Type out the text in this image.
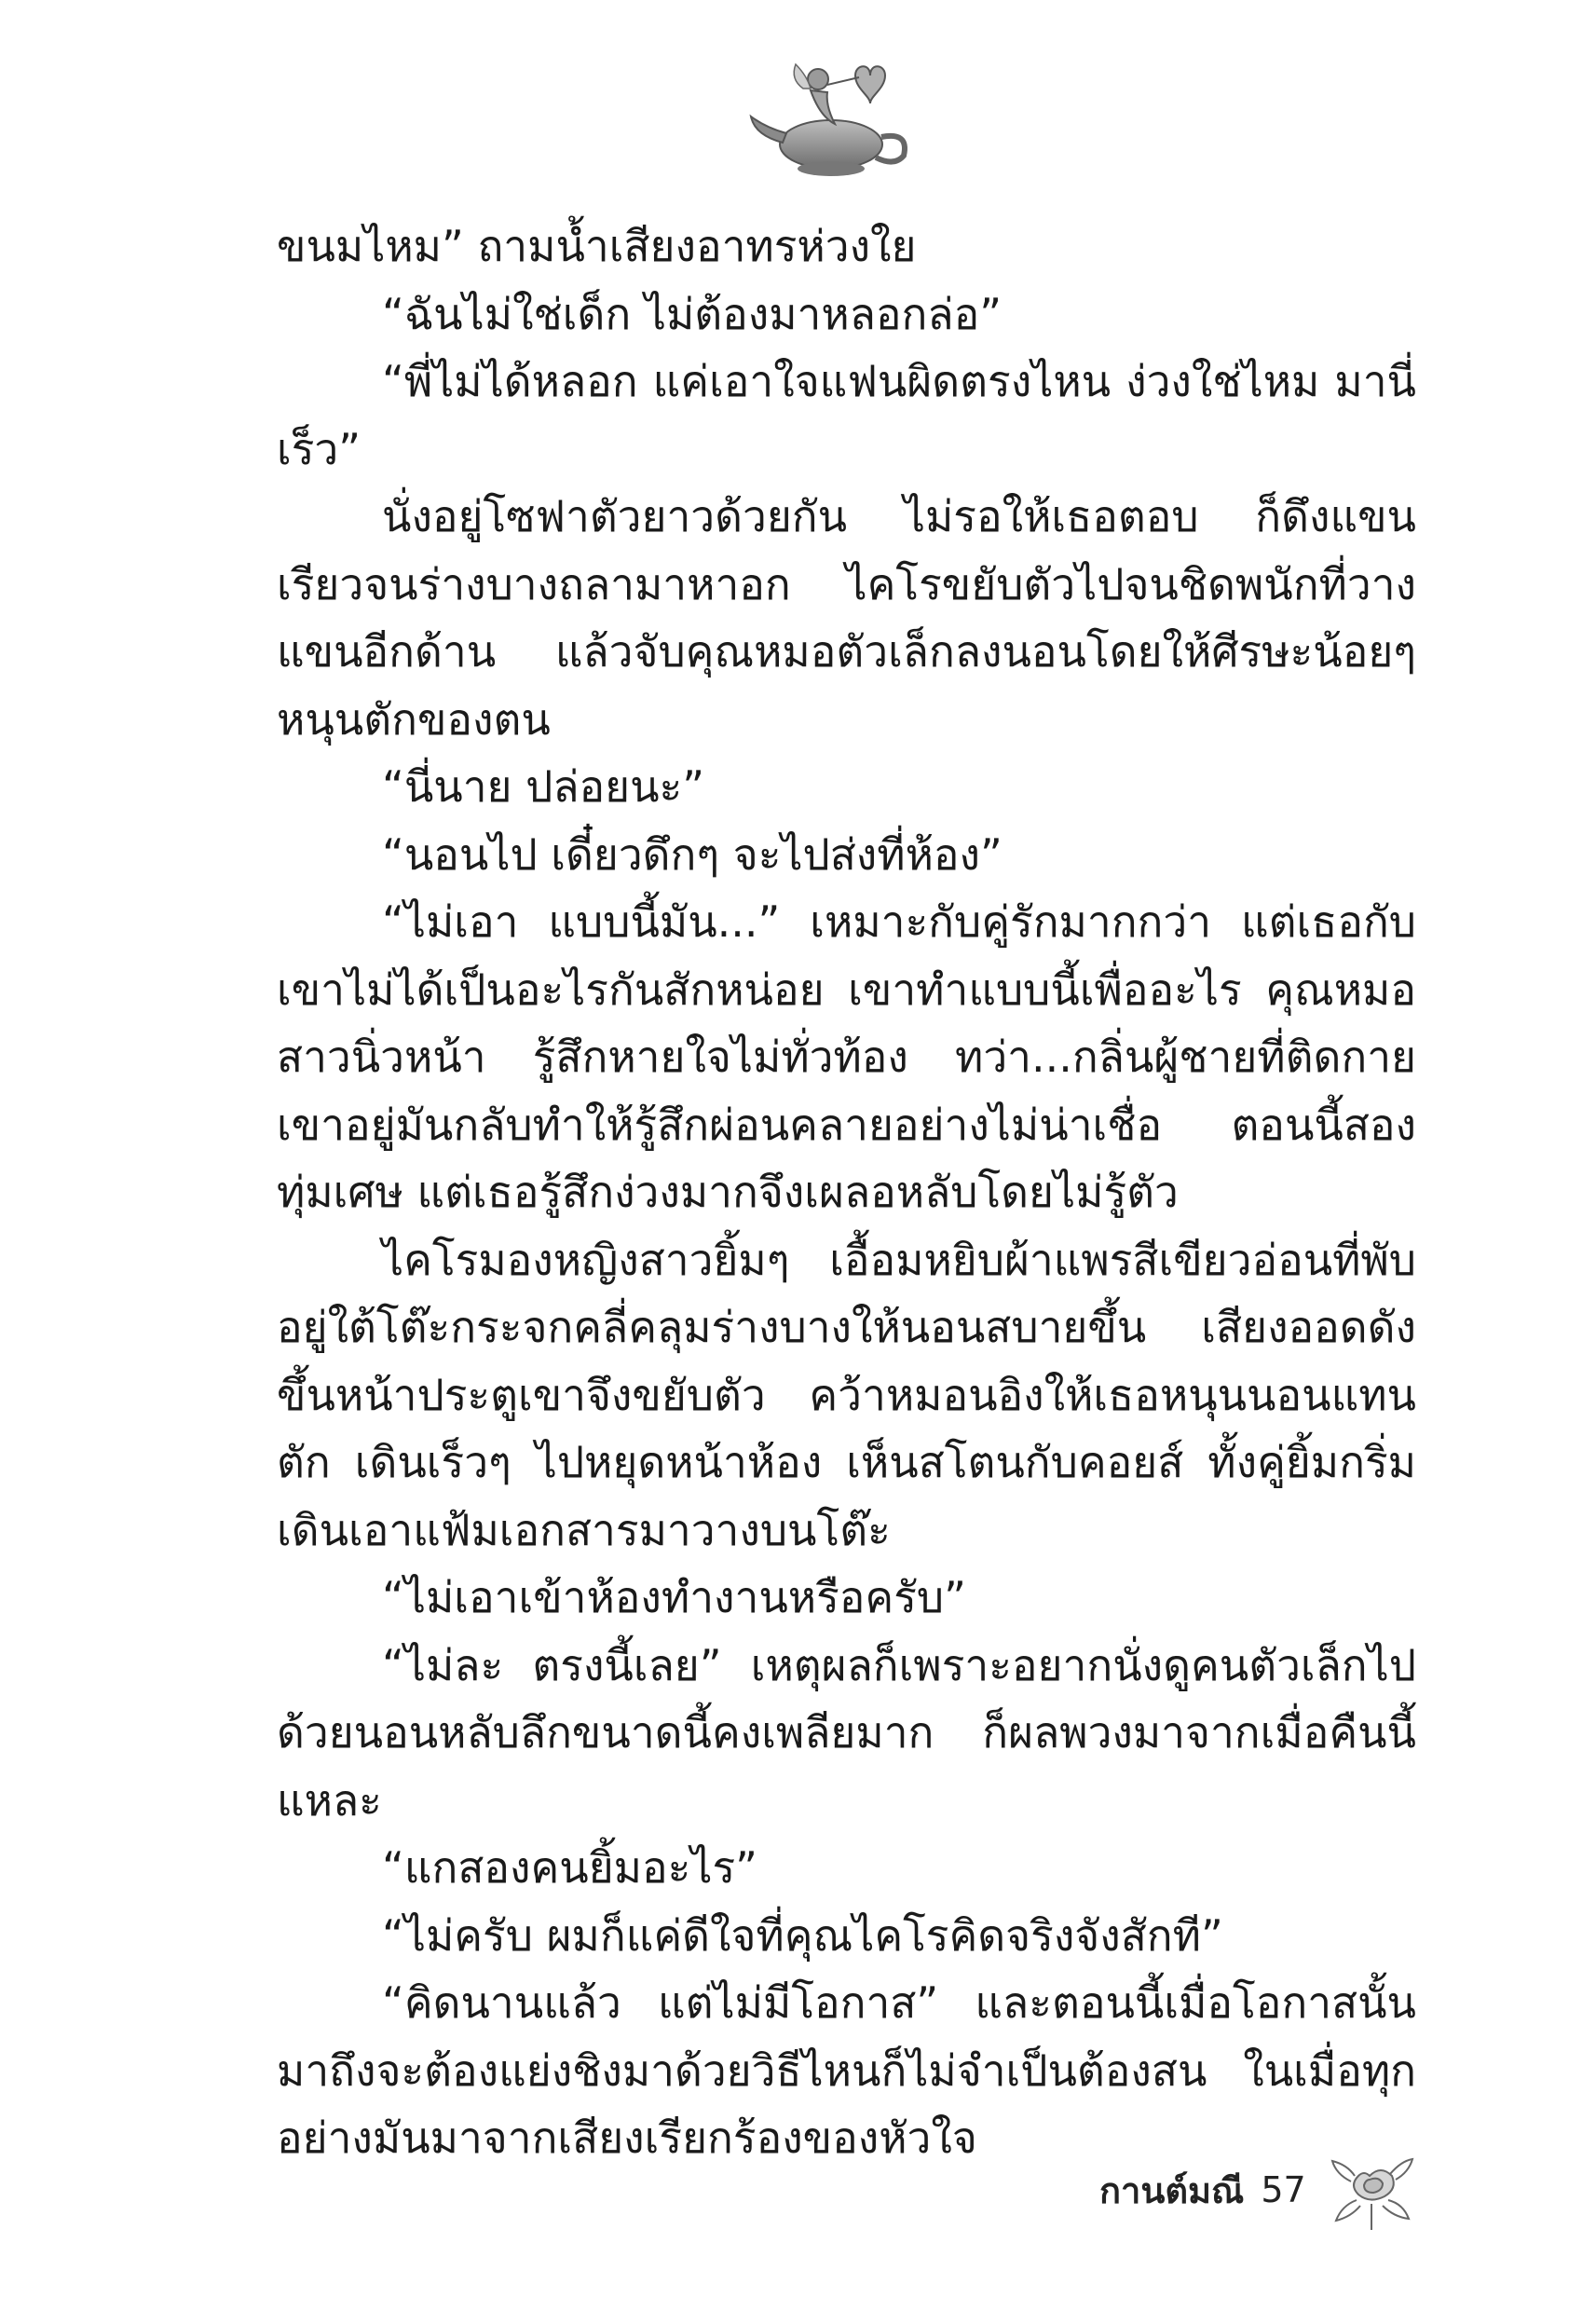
ขนมไหม” ถามน้ำเสียงอาทรห่วงใย

“ฉันไม่ใช่เด็ก ไม่ต้องมาหลอกล่อ”

“พี่ไม่ได้หลอก แค่เอาใจแฟนผิดตรงไหน ง่วงใช่ไหม มานี่เร็ว”

นั่งอยู่โซฟาตัวยาวด้วยกัน ไม่รอให้เธอตอบ ก็ดึงแขนเรียวจนร่างบางถลามาหาอก ไคโรขยับตัวไปจนชิดพนักที่วางแขนอีกด้าน แล้วจับคุณหมอตัวเล็กลงนอนโดยให้ศีรษะน้อยๆ หนุนตักของตน

“นี่นาย ปล่อยนะ”

“นอนไป เดี๋ยวดึกๆ จะไปส่งที่ห้อง”

“ไม่เอา แบบนี้มัน...” เหมาะกับคู่รักมากกว่า แต่เธอกับเขาไม่ได้เป็นอะไรกันสักหน่อย เขาทำแบบนี้เพื่ออะไร คุณหมอสาวนิ่วหน้า รู้สึกหายใจไม่ทั่วท้อง ทว่า...กลิ่นผู้ชายที่ติดกายเขาอยู่มันกลับทำให้รู้สึกผ่อนคลายอย่างไม่น่าเชื่อ ตอนนี้สองทุ่มเศษ แต่เธอรู้สึกง่วงมากจึงเผลอหลับโดยไม่รู้ตัว

ไคโรมองหญิงสาวยิ้มๆ เอื้อมหยิบผ้าแพรสีเขียวอ่อนที่พับอยู่ใต้โต๊ะกระจกคลี่คลุมร่างบางให้นอนสบายขึ้น เสียงออดดังขึ้นหน้าประตูเขาจึงขยับตัว คว้าหมอนอิงให้เธอหนุนนอนแทนตัก เดินเร็วๆ ไปหยุดหน้าห้อง เห็นสโตนกับคอยส์ ทั้งคู่ยิ้มกริ่มเดินเอาแฟ้มเอกสารมาวางบนโต๊ะ

“ไม่เอาเข้าห้องทำงานหรือครับ”

“ไม่ละ ตรงนี้เลย” เหตุผลก็เพราะอยากนั่งดูคนตัวเล็กไปด้วยนอนหลับลึกขนาดนี้คงเพลียมาก ก็ผลพวงมาจากเมื่อคืนนี้แหละ

“แกสองคนยิ้มอะไร”

“ไม่ครับ ผมก็แค่ดีใจที่คุณไคโรคิดจริงจังสักที”

“คิดนานแล้ว แต่ไม่มีโอกาส” และตอนนี้เมื่อโอกาสนั้นมาถึงจะต้องแย่งชิงมาด้วยวิธีไหนก็ไม่จำเป็นต้องสน ในเมื่อทุกอย่างมันมาจากเสียงเรียกร้องของหัวใจ

กานต์มณี 57
